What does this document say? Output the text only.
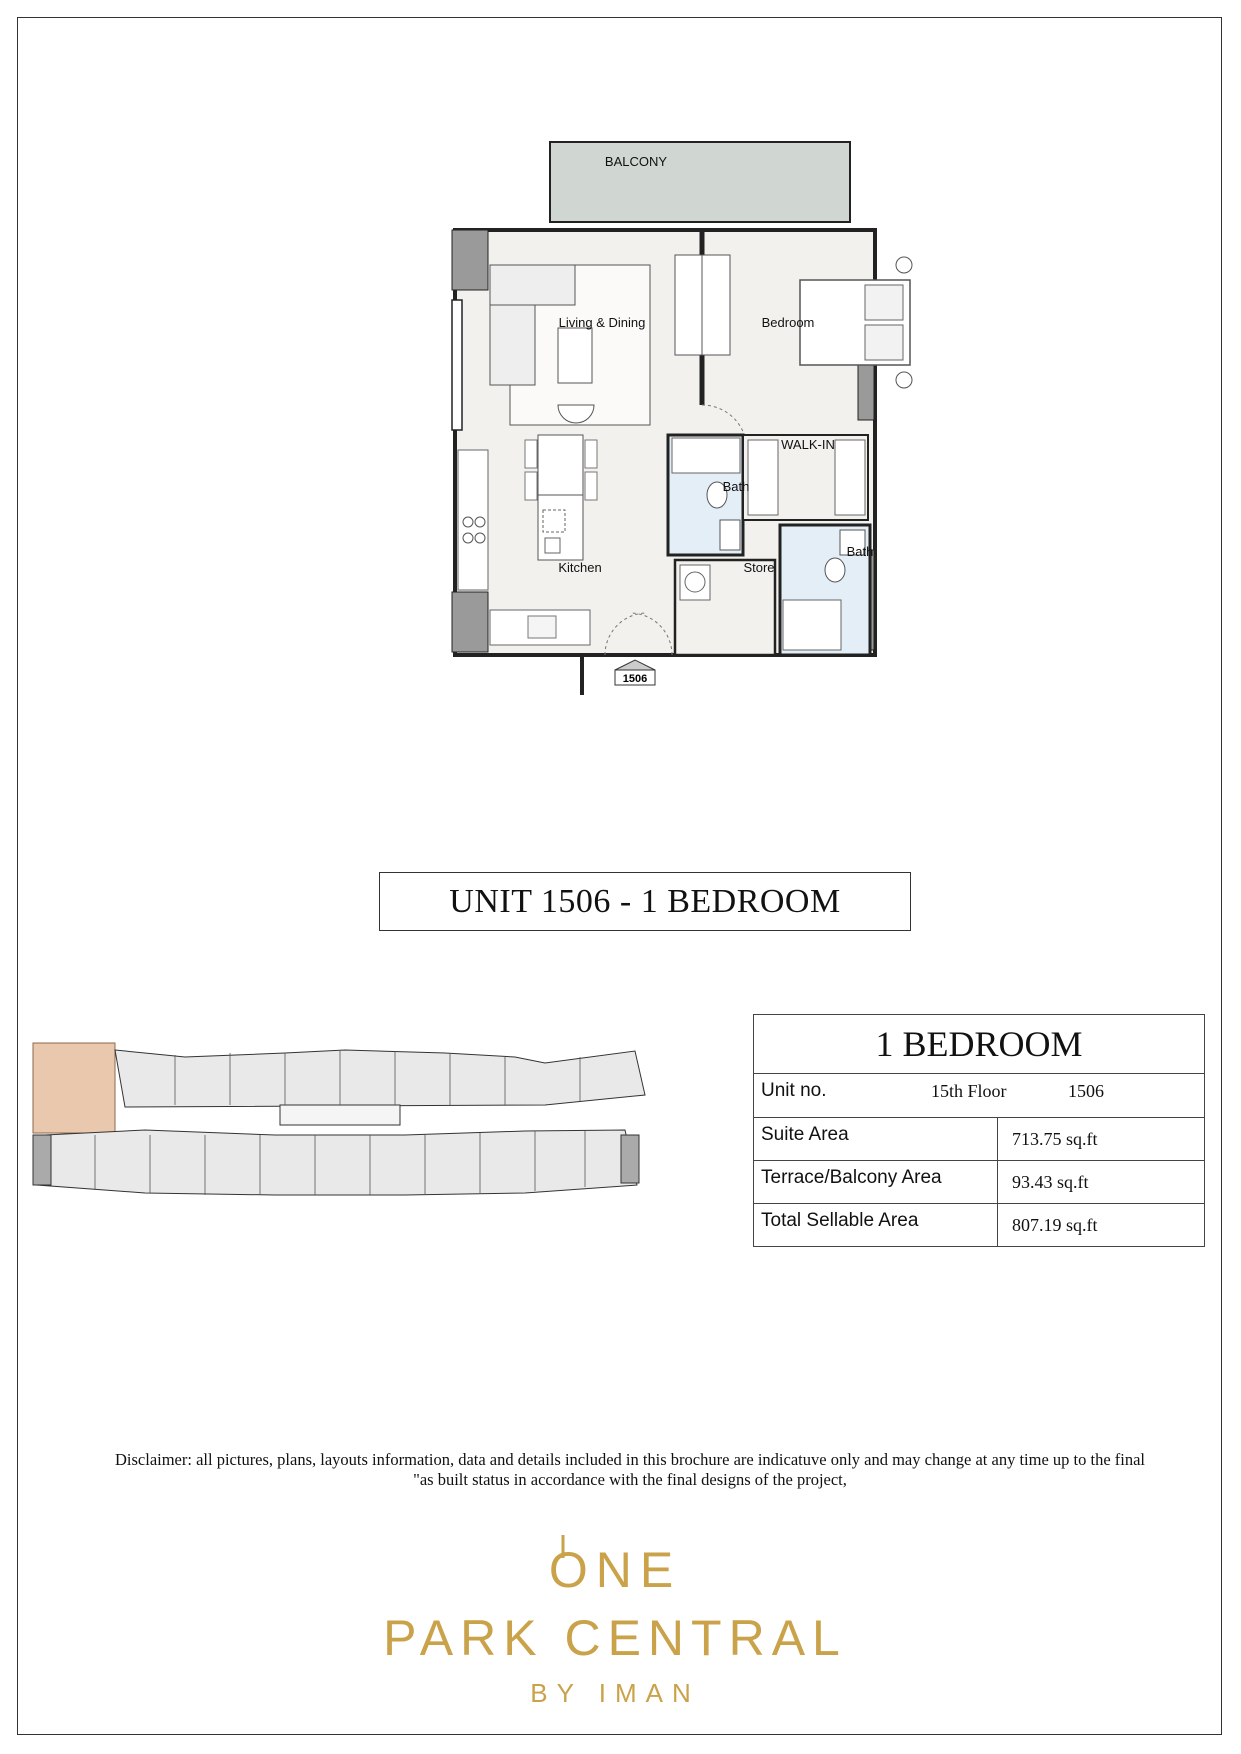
1506
BALCONY
Living & Dining	Bedroom
WALK-IN
Bath
Bath
Kitchen	Store
UNIT 1506 - 1 BEDROOM
1 BEDROOM	

Unit no. 15th Floor 1506	

Suite Area	713.75 sq.ft
Terrace/Balcony Area	93.43 sq.ft
Total Sellable Area	807.19 sq.ft
Disclaimer: all pictures, plans, layouts information, data and details included in this brochure are indicatuve only and may change at any time up to the final
"as built status in accordance with the final designs of the project,
ONE
PARK CENTRAL
BY IMAN
